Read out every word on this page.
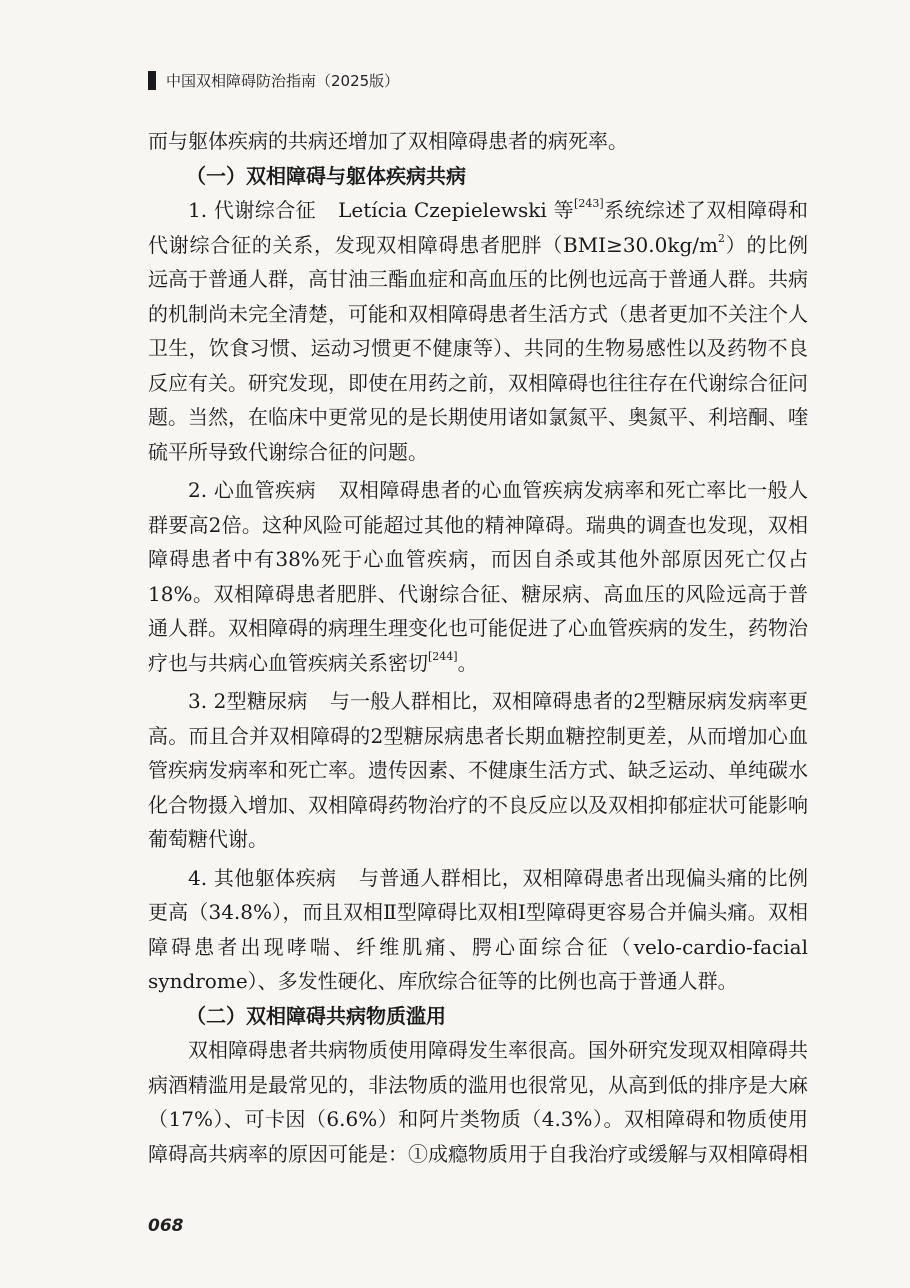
中国双相障碍防治指南（2025版）

而与躯体疾病的共病还增加了双相障碍患者的病死率。

（一）双相障碍与躯体疾病共病

1. 代谢综合征 Letícia Czepielewski 等[243]系统综述了双相障碍和代谢综合征的关系，发现双相障碍患者肥胖$(BMI\ge 30.0kg/m^2)$的比例远高于普通人群，高甘油三酯血症和高血压的比例也远高于普通人群。共病的机制尚未完全清楚，可能和双相障碍患者生活方式（患者更加不关注个人卫生，饮食习惯、运动习惯更不健康等）、共同的生物易感性以及药物不良反应有关。研究发现，即使在用药之前，双相障碍也往往存在代谢综合征问题。当然，在临床中更常见的是长期使用诸如氯氮平、奥氮平、利培酮、喹硫平所导致代谢综合征的问题。

2. 心血管疾病 双相障碍患者的心血管疾病发病率和死亡率比一般人群要高2倍。这种风险可能超过其他的精神障碍。瑞典的调查也发现，双相障碍患者中有38%死于心血管疾病，而因自杀或其他外部原因死亡仅占18%。双相障碍患者肥胖、代谢综合征、糖尿病、高血压的风险远高于普通人群。双相障碍的病理生理变化也可能促进了心血管疾病的发生，药物治疗也与共病心血管疾病关系密切[244]。

3. 2型糖尿病 与一般人群相比，双相障碍患者的2型糖尿病发病率更高。而且合并双相障碍的2型糖尿病患者长期血糖控制更差，从而增加心血管疾病发病率和死亡率。遗传因素、不健康生活方式、缺乏运动、单纯碳水化合物摄入增加、双相障碍药物治疗的不良反应以及双相抑郁症状可能影响葡萄糖代谢。

4. 其他躯体疾病 与普通人群相比，双相障碍患者出现偏头痛的比例更高（34.8%），而且双相Ⅱ型障碍比双相Ⅰ型障碍更容易合并偏头痛。双相障碍患者出现哮喘、纤维肌痛、腭心面综合征（velo-cardio-facial syndrome）、多发性硬化、库欣综合征等的比例也高于普通人群。

（二）双相障碍共病物质滥用

双相障碍患者共病物质使用障碍发生率很高。国外研究发现双相障碍共病酒精滥用是最常见的，非法物质的滥用也很常见，从高到低的排序是大麻（17%）、可卡因（6.6%）和阿片类物质（4.3%）。双相障碍和物质使用障碍高共病率的原因可能是：①成瘾物质用于自我治疗或缓解与双相障碍相

068
